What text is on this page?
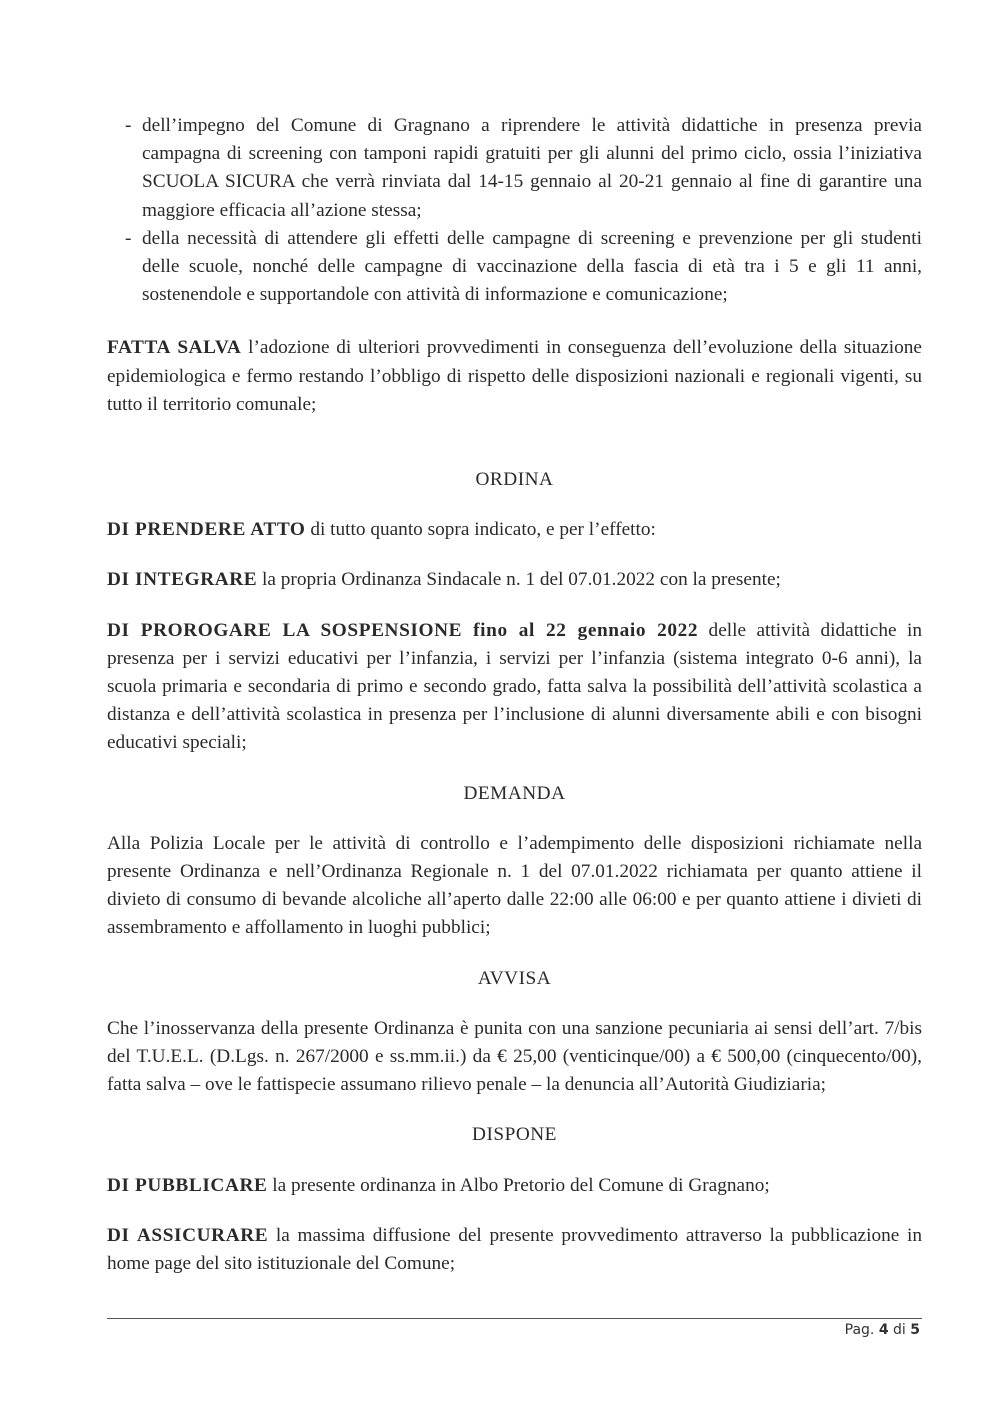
- dell’impegno del Comune di Gragnano a riprendere le attività didattiche in presenza previa campagna di screening con tamponi rapidi gratuiti per gli alunni del primo ciclo, ossia l’iniziativa SCUOLA SICURA che verrà rinviata dal 14-15 gennaio al 20-21 gennaio al fine di garantire una maggiore efficacia all’azione stessa;
- della necessità di attendere gli effetti delle campagne di screening e prevenzione per gli studenti delle scuole, nonché delle campagne di vaccinazione della fascia di età tra i 5 e gli 11 anni, sostenendole e supportandole con attività di informazione e comunicazione;

FATTA SALVA l’adozione di ulteriori provvedimenti in conseguenza dell’evoluzione della situazione epidemiologica e fermo restando l’obbligo di rispetto delle disposizioni nazionali e regionali vigenti, su tutto il territorio comunale;

ORDINA

DI PRENDERE ATTO di tutto quanto sopra indicato, e per l’effetto:

DI INTEGRARE la propria Ordinanza Sindacale n. 1 del 07.01.2022 con la presente;

DI PROROGARE LA SOSPENSIONE fino al 22 gennaio 2022 delle attività didattiche in presenza per i servizi educativi per l’infanzia, i servizi per l’infanzia (sistema integrato 0-6 anni), la scuola primaria e secondaria di primo e secondo grado, fatta salva la possibilità dell’attività scolastica a distanza e dell’attività scolastica in presenza per l’inclusione di alunni diversamente abili e con bisogni educativi speciali;

DEMANDA

Alla Polizia Locale per le attività di controllo e l’adempimento delle disposizioni richiamate nella presente Ordinanza e nell’Ordinanza Regionale n. 1 del 07.01.2022 richiamata per quanto attiene il divieto di consumo di bevande alcoliche all’aperto dalle 22:00 alle 06:00 e per quanto attiene i divieti di assembramento e affollamento in luoghi pubblici;

AVVISA

Che l’inosservanza della presente Ordinanza è punita con una sanzione pecuniaria ai sensi dell’art. 7/bis del T.U.E.L. (D.Lgs. n. 267/2000 e ss.mm.ii.) da € 25,00 (venticinque/00) a € 500,00 (cinquecento/00), fatta salva – ove le fattispecie assumano rilievo penale – la denuncia all’Autorità Giudiziaria;

DISPONE

DI PUBBLICARE la presente ordinanza in Albo Pretorio del Comune di Gragnano;

DI ASSICURARE la massima diffusione del presente provvedimento attraverso la pubblicazione in home page del sito istituzionale del Comune;

Pag. 4 di 5
